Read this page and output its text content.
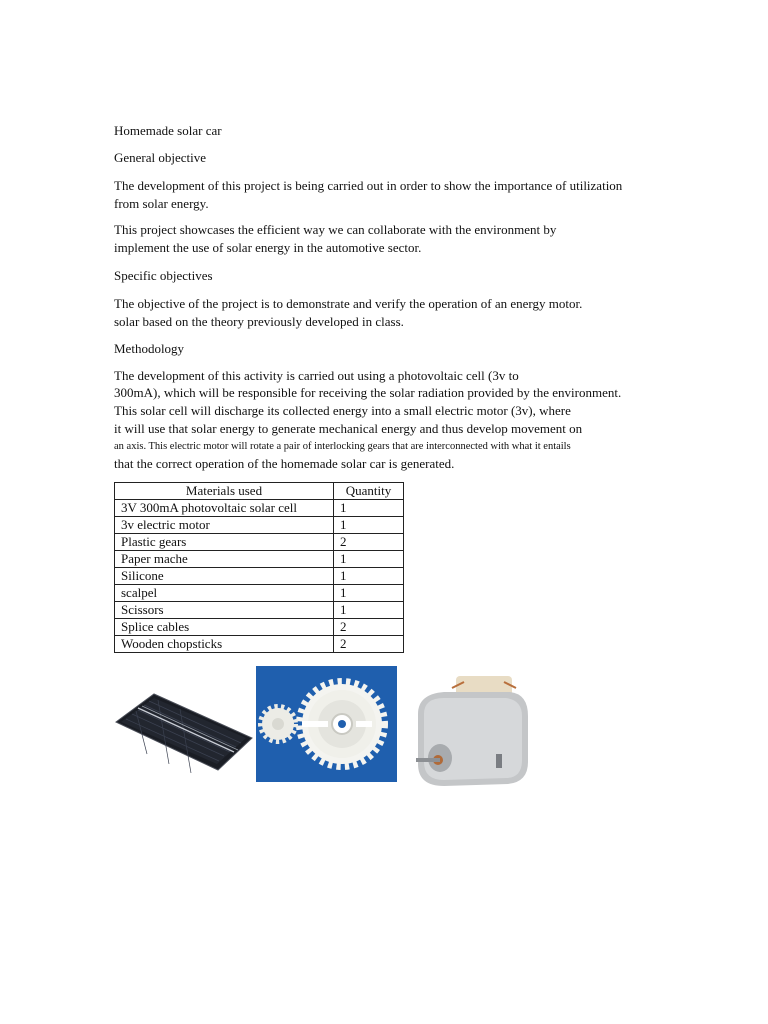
Homemade solar car
General objective
The development of this project is being carried out in order to show the importance of utilization
from solar energy.
This project showcases the efficient way we can collaborate with the environment by
implement the use of solar energy in the automotive sector.
Specific objectives
The objective of the project is to demonstrate and verify the operation of an energy motor.
solar based on the theory previously developed in class.
Methodology
The development of this activity is carried out using a photovoltaic cell (3v to
300mA), which will be responsible for receiving the solar radiation provided by the environment.
This solar cell will discharge its collected energy into a small electric motor (3v), where
it will use that solar energy to generate mechanical energy and thus develop movement on
an axis. This electric motor will rotate a pair of interlocking gears that are interconnected with what it entails
that the correct operation of the homemade solar car is generated.
Materials used	Quantity
3V 300mA photovoltaic solar cell	1
3v electric motor	1
Plastic gears	2
Paper mache	1
Silicone	1
scalpel	1
Scissors	1
Splice cables	2
Wooden chopsticks	2
